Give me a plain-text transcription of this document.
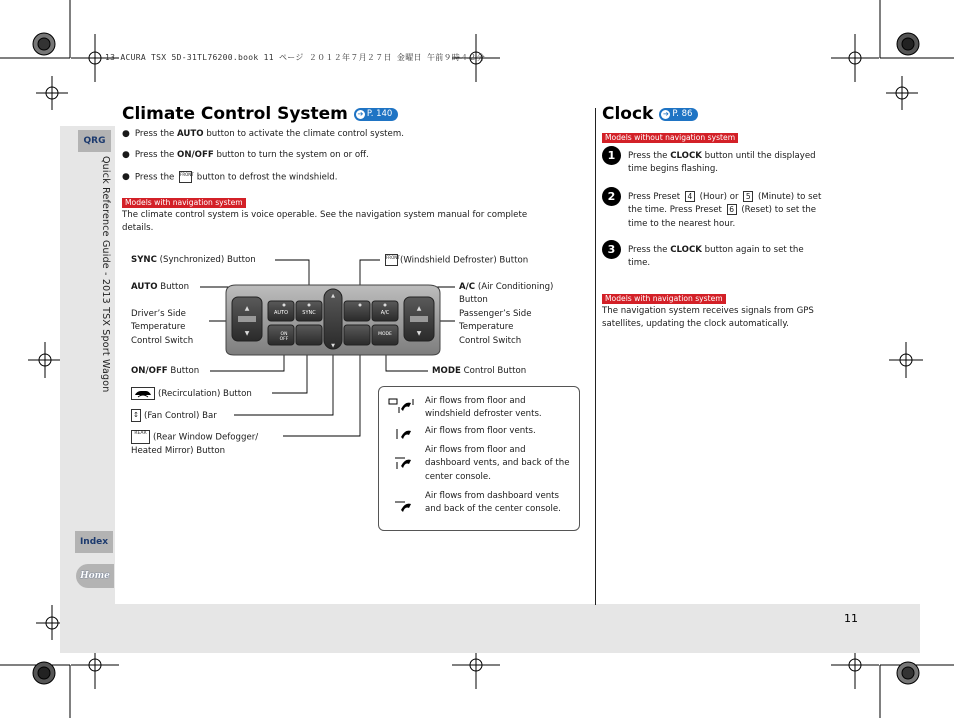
13 ACURA TSX 5D-31TL76200.book 11 ページ ２０１２年７月２７日 金曜日 午前９時４２分
QRG
Quick Reference Guide - 2013 TSX Sport Wagon
Index
Home
Climate Control System ➔ P. 140
● Press the AUTO button to activate the climate control system.
● Press the ON/OFF button to turn the system on or off.
● Press the FRONT button to defrost the windshield.
Models with navigation system
The climate control system is voice operable. See the navigation system manual for complete details.
SYNC (Synchronized) Button	FRONT(Windshield Defroster) Button
AUTO Button	A/C (Air Conditioning)
Button
Driver’s Side
Temperature
Control Switch
Passenger’s Side
Temperature
Control Switch
ON/OFF Button	MODE Control Button
(Recirculation) Button
↕ (Fan Control) Bar
REAR (Rear Window Defogger/
Heated Mirror) Button
▲
▼
▲
▼
AUTO	SYNC	A/C
▲
▼
ON
OFF
MODE
Air flows from floor and windshield defroster vents.
Air flows from floor vents.
Air flows from floor and dashboard vents, and back of the center console.
Air flows from dashboard vents and back of the center console.
Clock ➔ P. 86
Models without navigation system
1	Press the CLOCK button until the displayed time begins flashing.
2	Press Preset 4 (Hour) or 5 (Minute) to set the time. Press Preset 6 (Reset) to set the time to the nearest hour.
3	Press the CLOCK button again to set the time.
Models with navigation system
The navigation system receives signals from GPS satellites, updating the clock automatically.
11
